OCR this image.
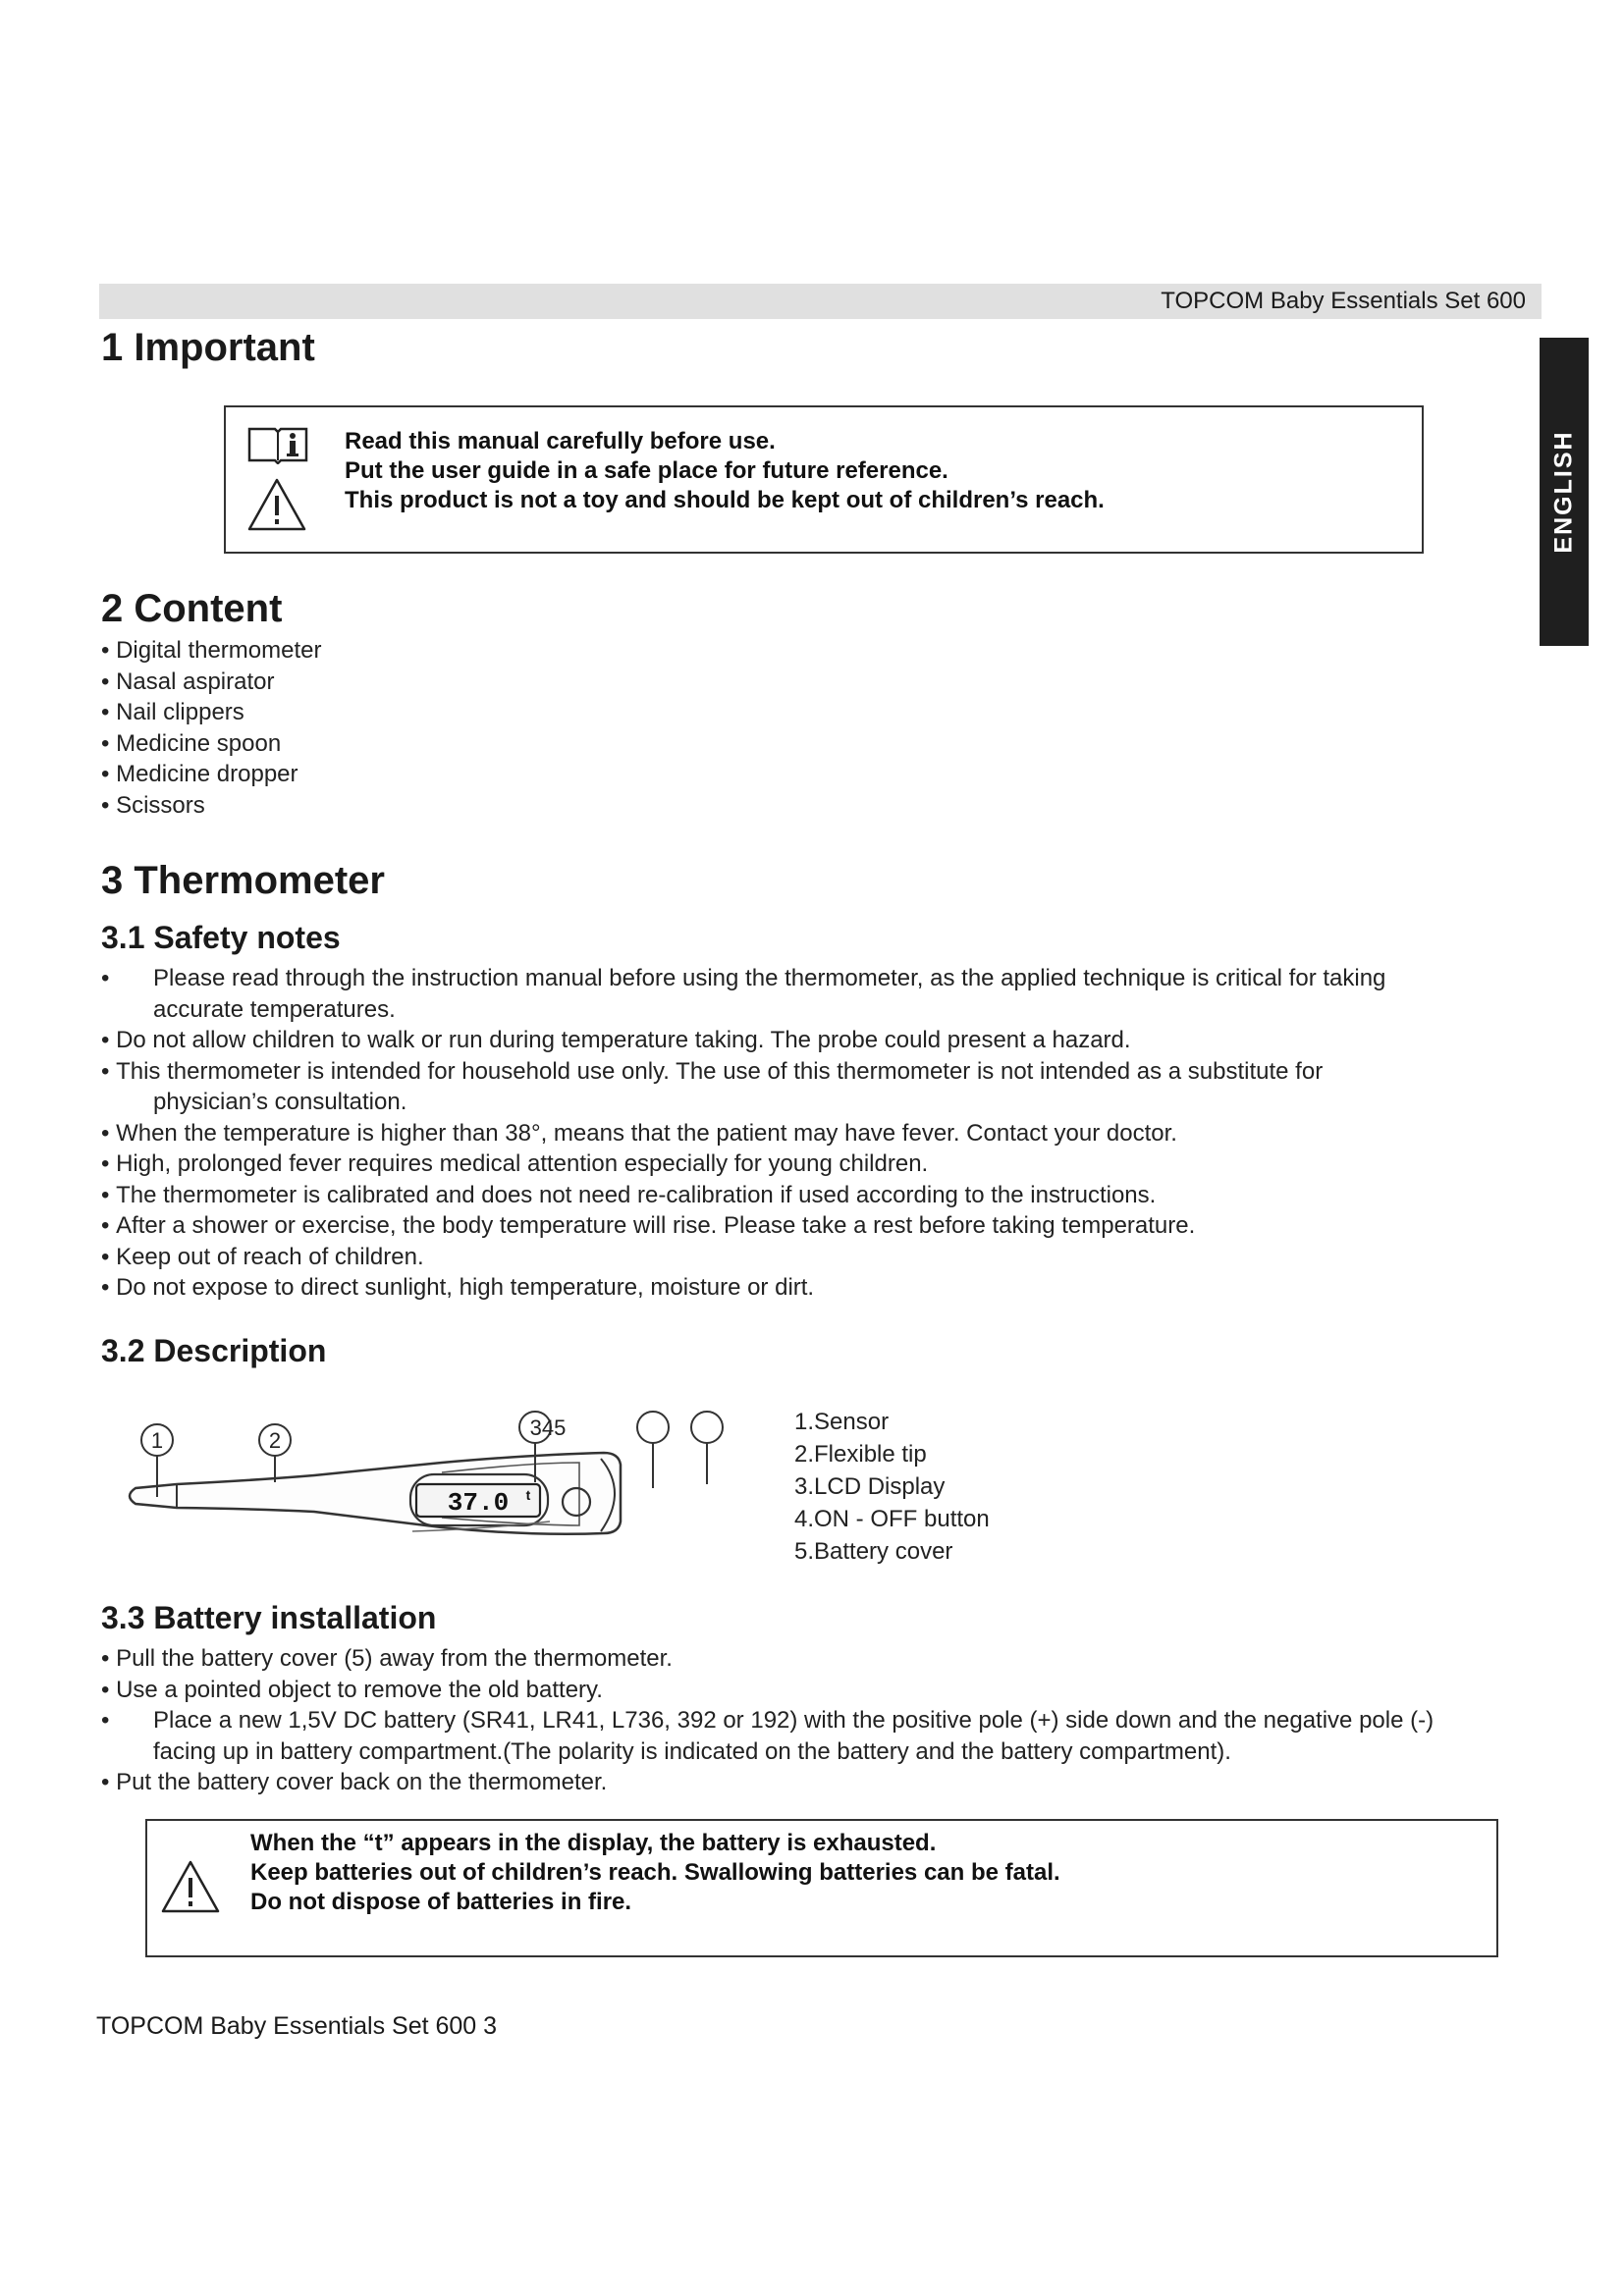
TOPCOM Baby Essentials Set 600
ENGLISH
1 Important
Read this manual carefully before use.
Put the user guide in a safe place for future reference.
This product is not a toy and should be kept out of children’s reach.
2 Content
• Digital thermometer
• Nasal aspirator
• Nail clippers
• Medicine spoon
• Medicine dropper
• Scissors
3 Thermometer
3.1 Safety notes
• Please read through the instruction manual before using the thermometer, as the applied technique is critical for taking
accurate temperatures.
• Do not allow children to walk or run during temperature taking. The probe could present a hazard.
• This thermometer is intended for household use only. The use of this thermometer is not intended as a substitute for
physician’s consultation.
• When the temperature is higher than 38°, means that the patient may have fever. Contact your doctor.
• High, prolonged fever requires medical attention especially for young children.
• The thermometer is calibrated and does not need re-calibration if used according to the instructions.
• After a shower or exercise, the body temperature will rise. Please take a rest before taking temperature.
• Keep out of reach of children.
• Do not expose to direct sunlight, high temperature, moisture or dirt.
3.2 Description
37.0 t
1	2
345	1.Sensor
2.Flexible tip
3.LCD Display
4.ON - OFF button
5.Battery cover
3.3 Battery installation
• Pull the battery cover (5) away from the thermometer.
• Use a pointed object to remove the old battery.
• Place a new 1,5V DC battery (SR41, LR41, L736, 392 or 192) with the positive pole (+) side down and the negative pole (-)
facing up in battery compartment.(The polarity is indicated on the battery and the battery compartment).
• Put the battery cover back on the thermometer.
When the “t” appears in the display, the battery is exhausted.
Keep batteries out of children’s reach. Swallowing batteries can be fatal.
Do not dispose of batteries in fire.
TOPCOM Baby Essentials Set 600 3
